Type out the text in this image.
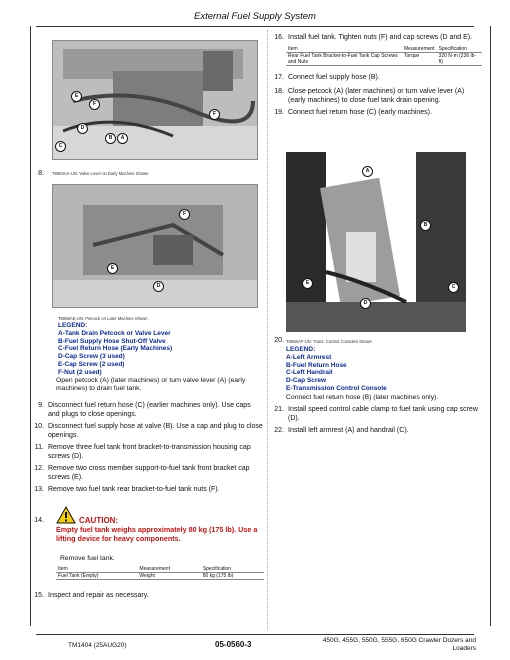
External Fuel Supply System
E
F
B
D
A
F
C
8. T8863AA-UN: Valve Lever on Early Machine Shown
F
E
D
T8066AE-UN: Petcock on Later Machine Shown
LEGEND:
A-Tank Drain Petcock or Valve Lever
B-Fuel Supply Hose Shut-Off Valve
C-Fuel Return Hose (Early Machines)
D-Cap Screw (3 used)
E-Cap Screw (2 used)
F-Nut (2 used)
Open petcock (A) (later machines) or turn valve lever (A) (early machines) to drain fuel tank.
9. Disconnect fuel return hose (C) (earlier machines only). Use caps and plugs to close openings.
10. Disconnect fuel supply hose at valve (B). Use a cap and plug to close openings.
11. Remove three fuel tank front bracket-to-transmission housing cap screws (D).
12. Remove two cross member support-to-fuel tank front bracket cap screws (E).
13. Remove two fuel tank rear bracket-to-fuel tank nuts (F).
14.	CAUTION:
Empty fuel tank weighs approximately 80 kg (175 lb). Use a lifting device for heavy components.
Remove fuel tank.
Item	Measurement	Specification
Fuel Tank (Empty)	Weight	80 kg (175 lb)
15. Inspect and repair as necessary.
16. Install fuel tank. Tighten nuts (F) and cap screws (D and E).
Item	Measurement	Specification
Rear Fuel Tank Bracket-to-Fuel Tank Cap Screws and Nuts	Torque	320 N·m (236 lb-ft)
17. Connect fuel supply hose (B).
18. Close petcock (A) (later machines) or turn valve lever (A) (early machines) to close fuel tank drain opening.
19. Connect fuel return hose (C) (early machines).
A
B
E
C
D
20. T8066AF-UN: Trans. Control Consoles Shown
LEGEND:
A-Left Armrest
B-Fuel Return Hose
C-Left Handrail
D-Cap Screw
E-Transmission Control Console
Connect fuel return hose (B) (later machines only).
21. Install speed control cable clamp to fuel tank using cap screw (D).
22. Install left armrest (A) and handrail (C).
TM1404 (25AUG20)	05-0560-3	450G, 455G, 550G, 555G, 650G Crawler Dozers and Loaders
